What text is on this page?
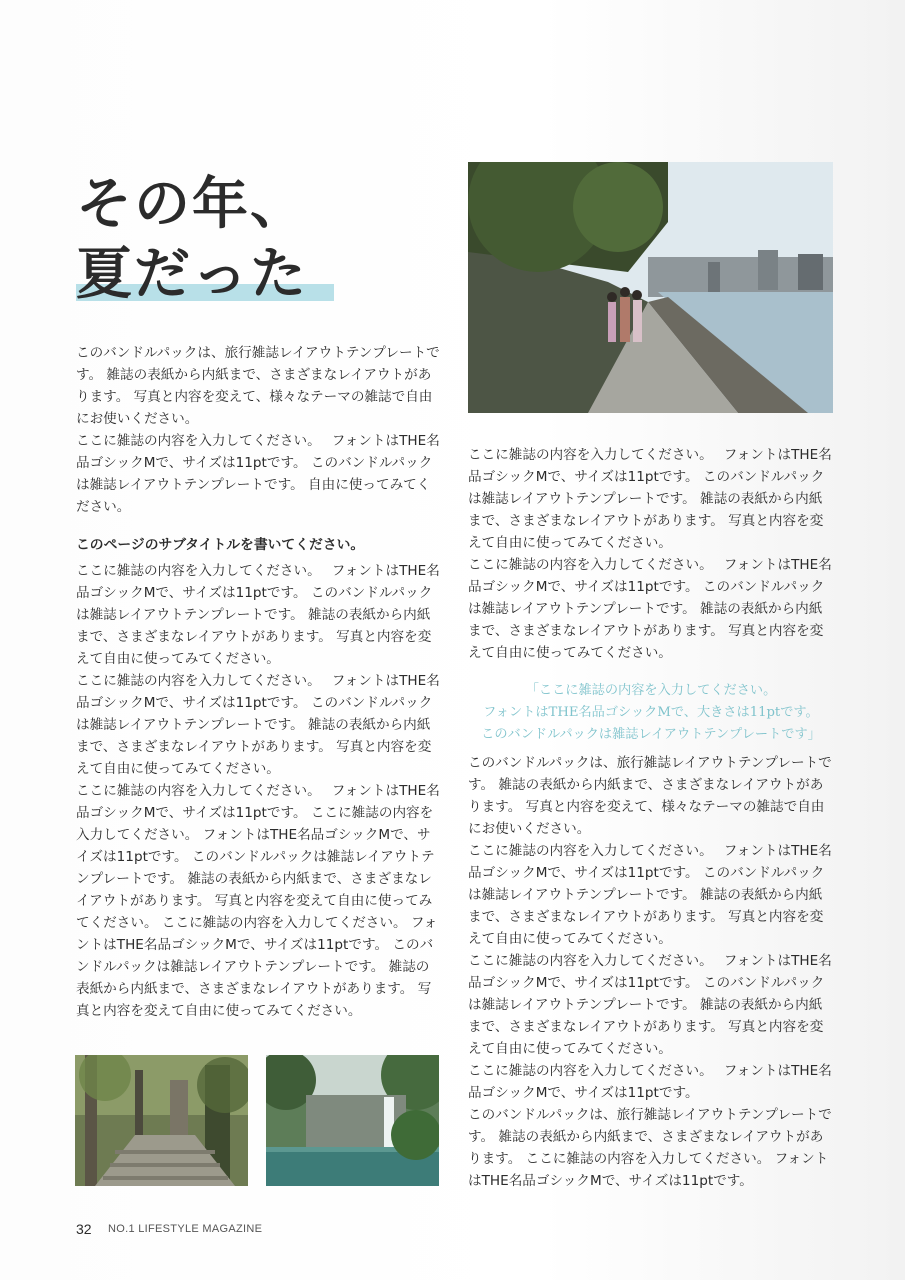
その年、
夏だった

このバンドルパックは、旅行雑誌レイアウトテンプレートです。 雑誌の表紙から内紙まで、さまざまなレイアウトがあります。 写真と内容を変えて、様々なテーマの雑誌で自由にお使いください。

ここに雑誌の内容を入力してください。　 フォントはTHE名品ゴシックMで、サイズは11ptです。 このバンドルパックは雑誌レイアウトテンプレートです。 自由に使ってみてください。

このページのサブタイトルを書いてください。

ここに雑誌の内容を入力してください。　 フォントはTHE名品ゴシックMで、サイズは11ptです。 このバンドルパックは雑誌レイアウトテンプレートです。 雑誌の表紙から内紙まで、さまざまなレイアウトがあります。 写真と内容を変えて自由に使ってみてください。

ここに雑誌の内容を入力してください。　 フォントはTHE名品ゴシックMで、サイズは11ptです。 このバンドルパックは雑誌レイアウトテンプレートです。 雑誌の表紙から内紙まで、さまざまなレイアウトがあります。 写真と内容を変えて自由に使ってみてください。

ここに雑誌の内容を入力してください。　 フォントはTHE名品ゴシックMで、サイズは11ptです。 ここに雑誌の内容を入力してください。 フォントはTHE名品ゴシックMで、サイズは11ptです。 このバンドルパックは雑誌レイアウトテンプレートです。 雑誌の表紙から内紙まで、さまざまなレイアウトがあります。 写真と内容を変えて自由に使ってみてください。 ここに雑誌の内容を入力してください。 フォントはTHE名品ゴシックMで、サイズは11ptです。 このバンドルパックは雑誌レイアウトテンプレートです。 雑誌の表紙から内紙まで、さまざまなレイアウトがあります。 写真と内容を変えて自由に使ってみてください。

ここに雑誌の内容を入力してください。　 フォントはTHE名品ゴシックMで、サイズは11ptです。 このバンドルパックは雑誌レイアウトテンプレートです。 雑誌の表紙から内紙まで、さまざまなレイアウトがあります。 写真と内容を変えて自由に使ってみてください。

ここに雑誌の内容を入力してください。　 フォントはTHE名品ゴシックMで、サイズは11ptです。 このバンドルパックは雑誌レイアウトテンプレートです。 雑誌の表紙から内紙まで、さまざまなレイアウトがあります。 写真と内容を変えて自由に使ってみてください。

「ここに雑誌の内容を入力してください。
フォントはTHE名品ゴシックMで、大きさは11ptです。
このバンドルパックは雑誌レイアウトテンプレートです」

このバンドルパックは、旅行雑誌レイアウトテンプレートです。 雑誌の表紙から内紙まで、さまざまなレイアウトがあります。 写真と内容を変えて、様々なテーマの雑誌で自由にお使いください。

ここに雑誌の内容を入力してください。　 フォントはTHE名品ゴシックMで、サイズは11ptです。 このバンドルパックは雑誌レイアウトテンプレートです。 雑誌の表紙から内紙まで、さまざまなレイアウトがあります。 写真と内容を変えて自由に使ってみてください。

ここに雑誌の内容を入力してください。　 フォントはTHE名品ゴシックMで、サイズは11ptです。 このバンドルパックは雑誌レイアウトテンプレートです。 雑誌の表紙から内紙まで、さまざまなレイアウトがあります。 写真と内容を変えて自由に使ってみてください。

ここに雑誌の内容を入力してください。　 フォントはTHE名品ゴシックMで、サイズは11ptです。

このバンドルパックは、旅行雑誌レイアウトテンプレートです。 雑誌の表紙から内紙まで、さまざまなレイアウトがあります。 ここに雑誌の内容を入力してください。 フォントはTHE名品ゴシックMで、サイズは11ptです。

32 NO.1 LIFESTYLE MAGAZINE
